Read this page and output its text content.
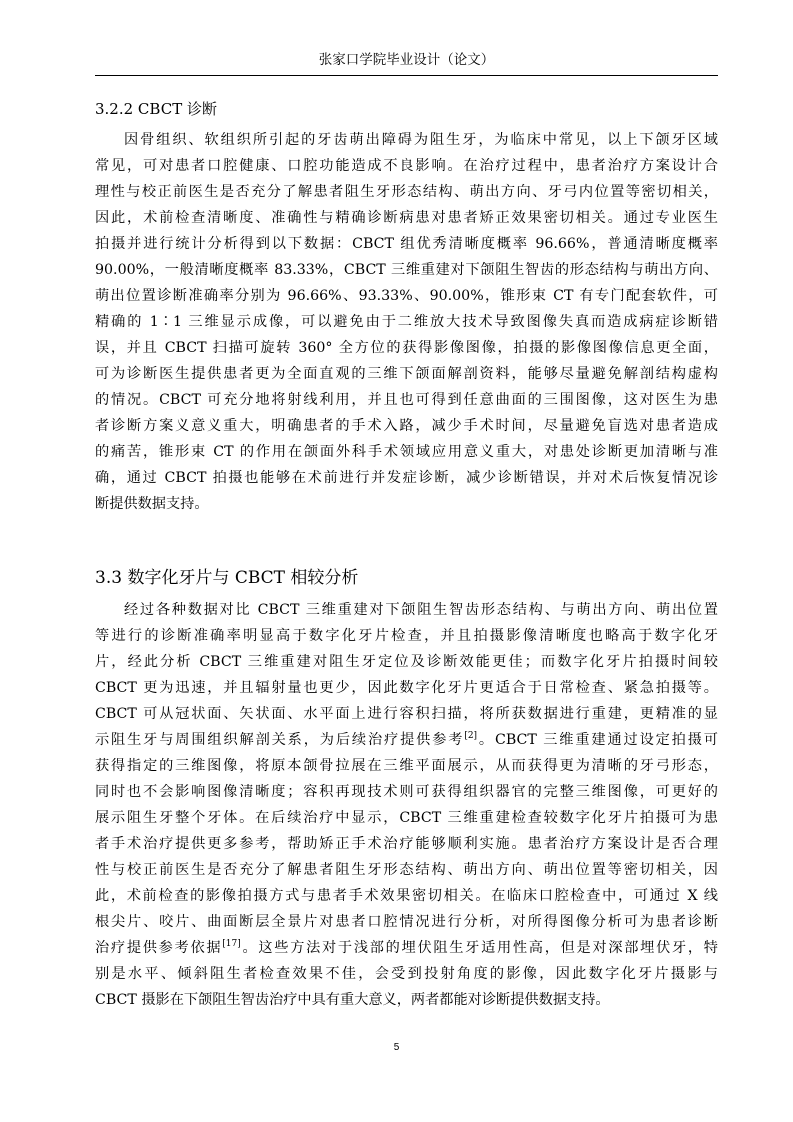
张家口学院毕业设计（论文）
3.2.2 CBCT 诊断
因骨组织、软组织所引起的牙齿萌出障碍为阻生牙，为临床中常见，以上下颌牙区域
常见，可对患者口腔健康、口腔功能造成不良影响。在治疗过程中，患者治疗方案设计合
理性与校正前医生是否充分了解患者阻生牙形态结构、萌出方向、牙弓内位置等密切相关，
因此，术前检查清晰度、准确性与精确诊断病患对患者矫正效果密切相关。通过专业医生
拍摄并进行统计分析得到以下数据：CBCT 组优秀清晰度概率 96.66%，普通清晰度概率
90.00%，一般清晰度概率 83.33%，CBCT 三维重建对下颌阻生智齿的形态结构与萌出方向、
萌出位置诊断准确率分别为 96.66%、93.33%、90.00%，锥形束 CT 有专门配套软件，可
精确的 1∶1 三维显示成像，可以避免由于二维放大技术导致图像失真而造成病症诊断错
误，并且 CBCT 扫描可旋转 360° 全方位的获得影像图像，拍摄的影像图像信息更全面，
可为诊断医生提供患者更为全面直观的三维下颌面解剖资料，能够尽量避免解剖结构虚构
的情况。CBCT 可充分地将射线利用，并且也可得到任意曲面的三围图像，这对医生为患
者诊断方案义意义重大，明确患者的手术入路，减少手术时间，尽量避免盲选对患者造成
的痛苦，锥形束 CT 的作用在颌面外科手术领域应用意义重大，对患处诊断更加清晰与准
确，通过 CBCT 拍摄也能够在术前进行并发症诊断，减少诊断错误，并对术后恢复情况诊
断提供数据支持。
3.3 数字化牙片与 CBCT 相较分析
经过各种数据对比 CBCT 三维重建对下颌阻生智齿形态结构、与萌出方向、萌出位置
等进行的诊断准确率明显高于数字化牙片检查，并且拍摄影像清晰度也略高于数字化牙
片，经此分析 CBCT 三维重建对阻生牙定位及诊断效能更佳；而数字化牙片拍摄时间较
CBCT 更为迅速，并且辐射量也更少，因此数字化牙片更适合于日常检查、紧急拍摄等。
CBCT 可从冠状面、矢状面、水平面上进行容积扫描，将所获数据进行重建，更精准的显
示阻生牙与周围组织解剖关系，为后续治疗提供参考[2]。CBCT 三维重建通过设定拍摄可
获得指定的三维图像，将原本颌骨拉展在三维平面展示，从而获得更为清晰的牙弓形态，
同时也不会影响图像清晰度；容积再现技术则可获得组织器官的完整三维图像，可更好的
展示阻生牙整个牙体。在后续治疗中显示，CBCT 三维重建检查较数字化牙片拍摄可为患
者手术治疗提供更多参考，帮助矫正手术治疗能够顺利实施。患者治疗方案设计是否合理
性与校正前医生是否充分了解患者阻生牙形态结构、萌出方向、萌出位置等密切相关，因
此，术前检查的影像拍摄方式与患者手术效果密切相关。在临床口腔检查中，可通过 X 线
根尖片、咬片、曲面断层全景片对患者口腔情况进行分析，对所得图像分析可为患者诊断
治疗提供参考依据[17]。这些方法对于浅部的埋伏阻生牙适用性高，但是对深部埋伏牙，特
别是水平、倾斜阻生者检查效果不佳，会受到投射角度的影像，因此数字化牙片摄影与
CBCT 摄影在下颌阻生智齿治疗中具有重大意义，两者都能对诊断提供数据支持。
5
